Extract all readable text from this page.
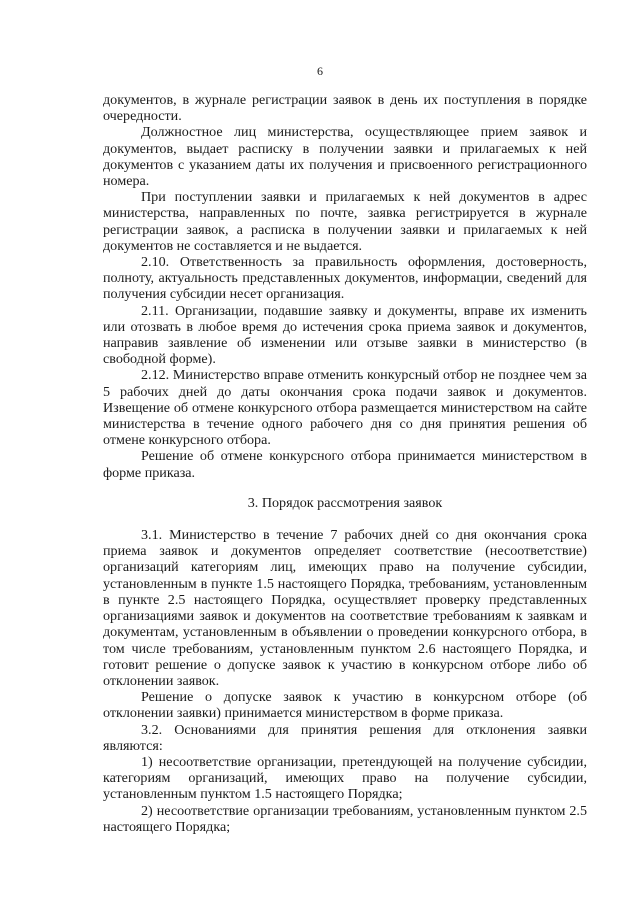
6

документов, в журнале регистрации заявок в день их поступления в порядке очередности.

Должностное лиц министерства, осуществляющее прием заявок и документов, выдает расписку в получении заявки и прилагаемых к ней документов с указанием даты их получения и присвоенного регистрационного номера.

При поступлении заявки и прилагаемых к ней документов в адрес министерства, направленных по почте, заявка регистрируется в журнале регистрации заявок, а расписка в получении заявки и прилагаемых к ней документов не составляется и не выдается.

2.10. Ответственность за правильность оформления, достоверность, полноту, актуальность представленных документов, информации, сведений для получения субсидии несет организация.

2.11. Организации, подавшие заявку и документы, вправе их изменить или отозвать в любое время до истечения срока приема заявок и документов, направив заявление об изменении или отзыве заявки в министерство (в свободной форме).

2.12. Министерство вправе отменить конкурсный отбор не позднее чем за 5 рабочих дней до даты окончания срока подачи заявок и документов. Извещение об отмене конкурсного отбора размещается министерством на сайте министерства в течение одного рабочего дня со дня принятия решения об отмене конкурсного отбора.

Решение об отмене конкурсного отбора принимается министерством в форме приказа.

3. Порядок рассмотрения заявок

3.1. Министерство в течение 7 рабочих дней со дня окончания срока приема заявок и документов определяет соответствие (несоответствие) организаций категориям лиц, имеющих право на получение субсидии, установленным в пункте 1.5 настоящего Порядка, требованиям, установленным в пункте 2.5 настоящего Порядка, осуществляет проверку представленных организациями заявок и документов на соответствие требованиям к заявкам и документам, установленным в объявлении о проведении конкурсного отбора, в том числе требованиям, установленным пунктом 2.6 настоящего Порядка, и готовит решение о допуске заявок к участию в конкурсном отборе либо об отклонении заявок.

Решение о допуске заявок к участию в конкурсном отборе (об отклонении заявки) принимается министерством в форме приказа.

3.2. Основаниями для принятия решения для отклонения заявки являются:

1) несоответствие организации, претендующей на получение субсидии, категориям организаций, имеющих право на получение субсидии, установленным пунктом 1.5 настоящего Порядка;

2) несоответствие организации требованиям, установленным пунктом 2.5 настоящего Порядка;
